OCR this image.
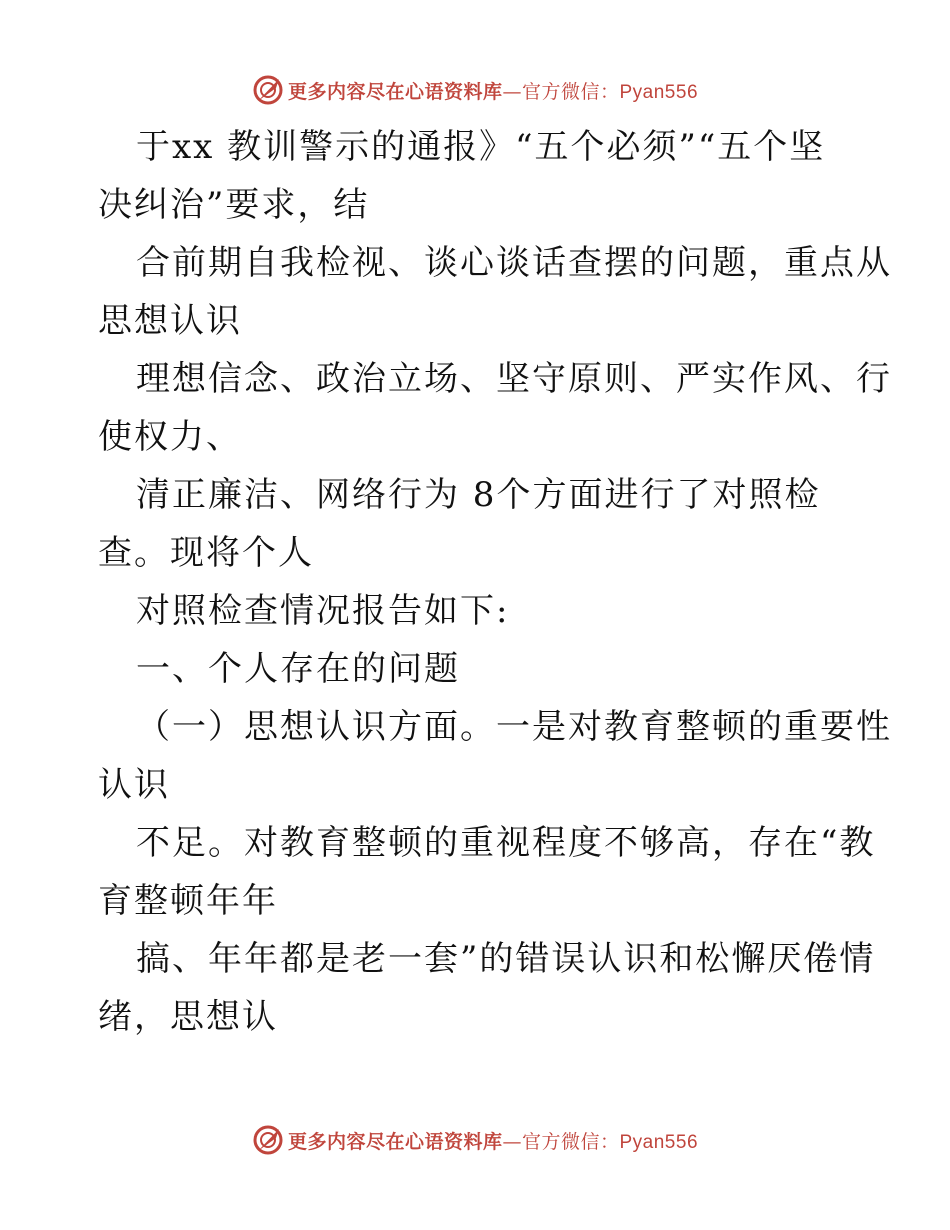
更多内容尽在心语资料库—官方微信：Pyan556
于xx 教训警示的通报》“五个必须”“五个坚
决纠治”要求，结
合前期自我检视、谈心谈话查摆的问题，重点从
思想认识
理想信念、政治立场、坚守原则、严实作风、行
使权力、
清正廉洁、网络行为 8个方面进行了对照检
查。现将个人
对照检查情况报告如下:
一、个人存在的问题
（一）思想认识方面。一是对教育整顿的重要性
认识
不足。对教育整顿的重视程度不够高，存在“教
育整顿年年
搞、年年都是老一套”的错误认识和松懈厌倦情
绪，思想认
更多内容尽在心语资料库—官方微信：Pyan556
